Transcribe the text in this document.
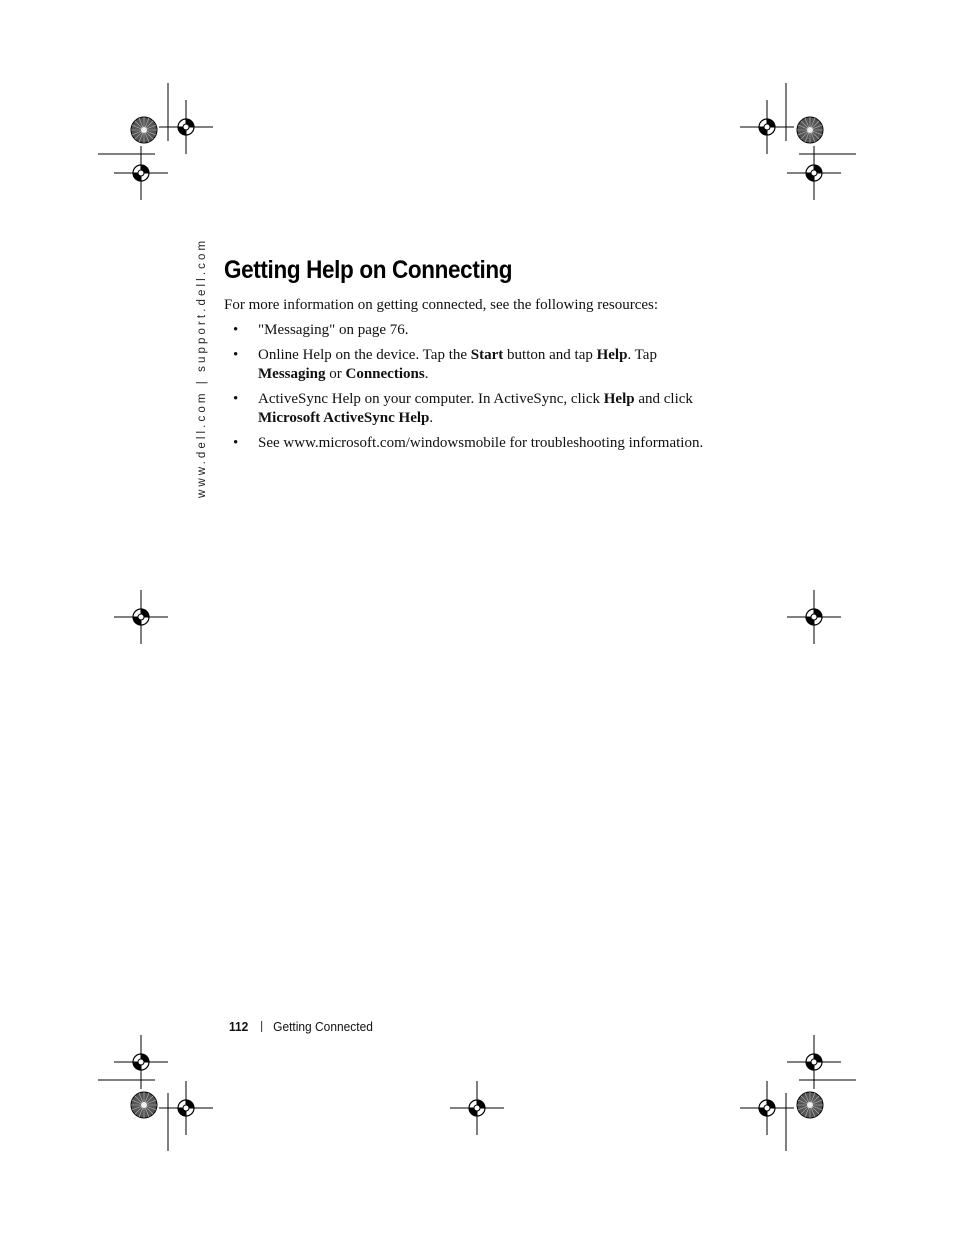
www.dell.com | support.dell.com Getting Help on Connecting

For more information on getting connected, see the following resources:

• "Messaging" on page 76.
• Online Help on the device. Tap the Start button and tap Help. Tap
Messaging or Connections.
• ActiveSync Help on your computer. In ActiveSync, click Help and click
Microsoft ActiveSync Help.
• See www.microsoft.com/windowsmobile for troubleshooting information.
112 Getting Connected
